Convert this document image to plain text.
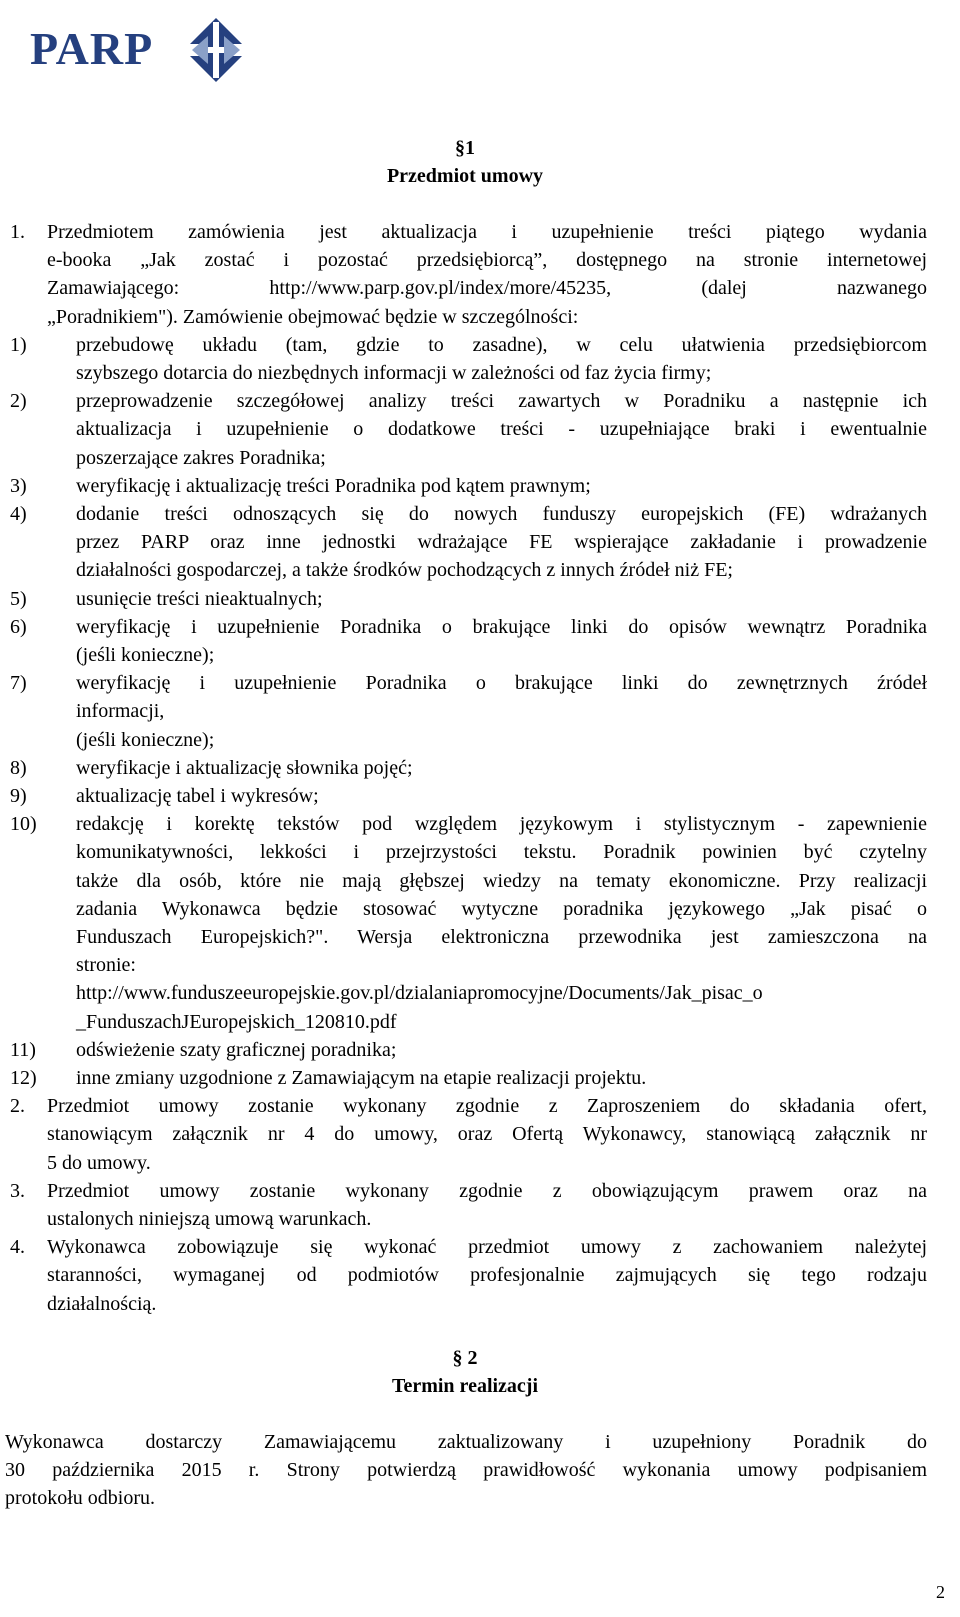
PARP
§1
Przedmiot umowy
1. Przedmiotem zamówienia jest aktualizacja i uzupełnienie treści piątego wydania
e-booka „Jak zostać i pozostać przedsiębiorcą”, dostępnego na stronie internetowej
Zamawiającego: http://www.parp.gov.pl/index/more/45235, (dalej nazwanego
„Poradnikiem"). Zamówienie obejmować będzie w szczególności:
1) przebudowę układu (tam, gdzie to zasadne), w celu ułatwienia przedsiębiorcom
szybszego dotarcia do niezbędnych informacji w zależności od faz życia firmy;
2) przeprowadzenie szczegółowej analizy treści zawartych w Poradniku a następnie ich
aktualizacja i uzupełnienie o dodatkowe treści - uzupełniające braki i ewentualnie
poszerzające zakres Poradnika;
3) weryfikację i aktualizację treści Poradnika pod kątem prawnym;
4) dodanie treści odnoszących się do nowych funduszy europejskich (FE) wdrażanych
przez PARP oraz inne jednostki wdrażające FE wspierające zakładanie i prowadzenie
działalności gospodarczej, a także środków pochodzących z innych źródeł niż FE;
5) usunięcie treści nieaktualnych;
6) weryfikację i uzupełnienie Poradnika o brakujące linki do opisów wewnątrz Poradnika
(jeśli konieczne);
7) weryfikację i uzupełnienie Poradnika o brakujące linki do zewnętrznych źródeł
informacji,
(jeśli konieczne);
8) weryfikacje i aktualizację słownika pojęć;
9) aktualizację tabel i wykresów;
10) redakcję i korektę tekstów pod względem językowym i stylistycznym - zapewnienie
komunikatywności, lekkości i przejrzystości tekstu. Poradnik powinien być czytelny
także dla osób, które nie mają głębszej wiedzy na tematy ekonomiczne. Przy realizacji
zadania Wykonawca będzie stosować wytyczne poradnika językowego „Jak pisać o
Funduszach Europejskich?". Wersja elektroniczna przewodnika jest zamieszczona na
stronie:
http://www.funduszeeuropejskie.gov.pl/dzialaniapromocyjne/Documents/Jak_pisac_o
_FunduszachJEuropejskich_120810.pdf
11) odświeżenie szaty graficznej poradnika;
12) inne zmiany uzgodnione z Zamawiającym na etapie realizacji projektu.
2. Przedmiot umowy zostanie wykonany zgodnie z Zaproszeniem do składania ofert,
stanowiącym załącznik nr 4 do umowy, oraz Ofertą Wykonawcy, stanowiącą załącznik nr
5 do umowy.
3. Przedmiot umowy zostanie wykonany zgodnie z obowiązującym prawem oraz na
ustalonych niniejszą umową warunkach.
4. Wykonawca zobowiązuje się wykonać przedmiot umowy z zachowaniem należytej
staranności, wymaganej od podmiotów profesjonalnie zajmujących się tego rodzaju
działalnością.
§ 2
Termin realizacji
Wykonawca dostarczy Zamawiającemu zaktualizowany i uzupełniony Poradnik do
30 października 2015 r. Strony potwierdzą prawidłowość wykonania umowy podpisaniem
protokołu odbioru.
2
